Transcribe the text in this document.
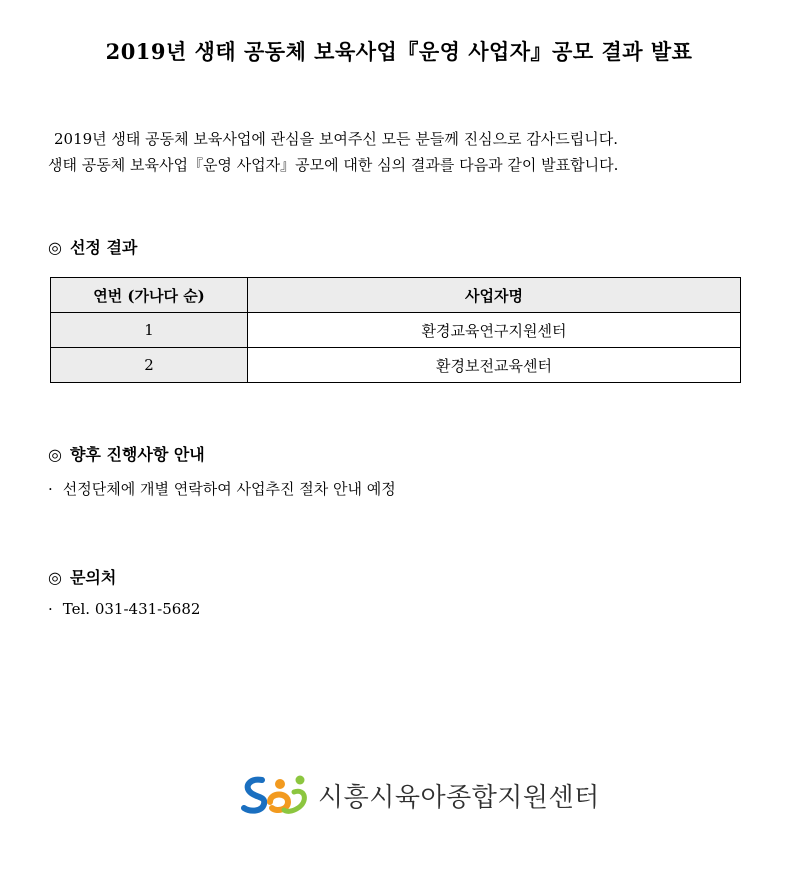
2019년 생태 공동체 보육사업『운영 사업자』공모 결과 발표
2019년 생태 공동체 보육사업에 관심을 보여주신 모든 분들께 진심으로 감사드립니다.
생태 공동체 보육사업『운영 사업자』공모에 대한 심의 결과를 다음과 같이 발표합니다.
◎ 선정 결과
연번 (가나다 순)	사업자명
1	환경교육연구지원센터
2	환경보전교육센터
◎ 향후 진행사항 안내
· 선정단체에 개별 연락하여 사업추진 절차 안내 예정
◎ 문의처
· Tel. 031-431-5682
시흥시육아종합지원센터
